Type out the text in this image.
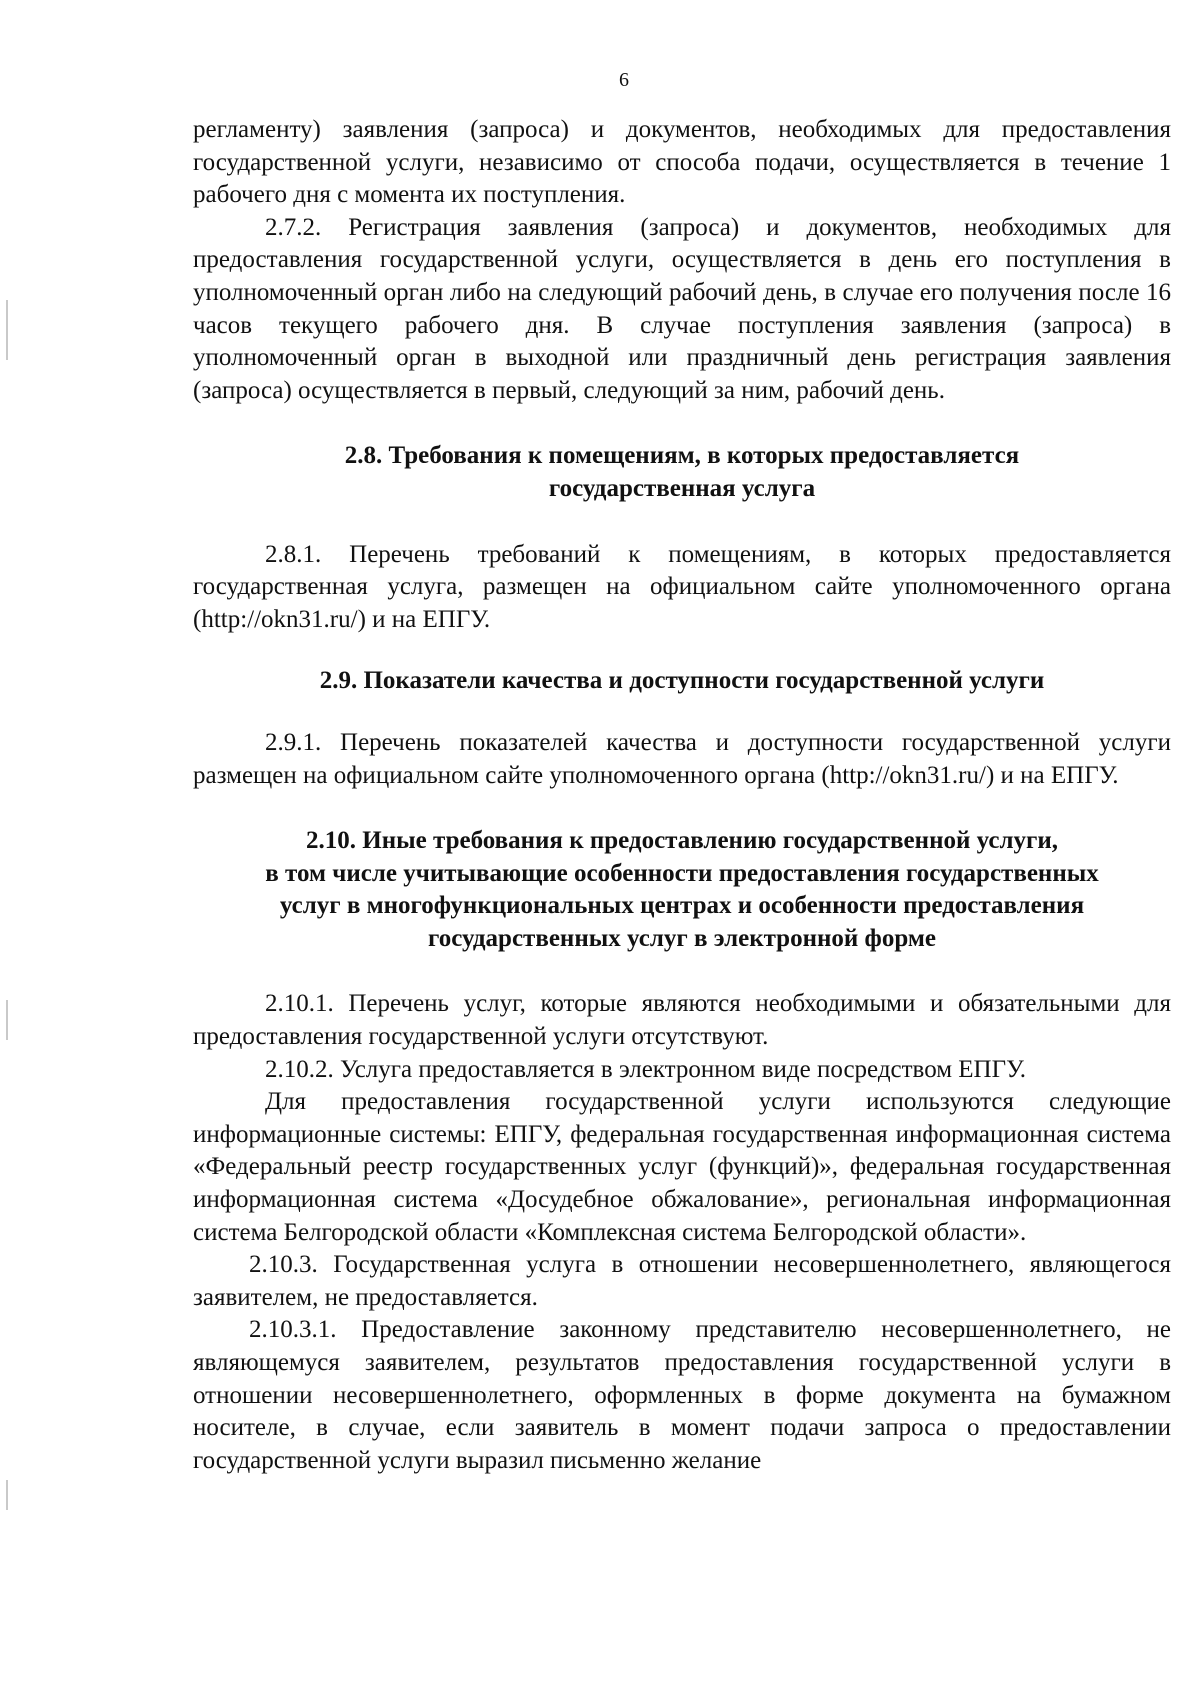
6

регламенту) заявления (запроса) и документов, необходимых для предоставления государственной услуги, независимо от способа подачи, осуществляется в течение 1 рабочего дня с момента их поступления.

2.7.2. Регистрация заявления (запроса) и документов, необходимых для предоставления государственной услуги, осуществляется в день его поступления в уполномоченный орган либо на следующий рабочий день, в случае его получения после 16 часов текущего рабочего дня. В случае поступления заявления (запроса) в уполномоченный орган в выходной или праздничный день регистрация заявления (запроса) осуществляется в первый, следующий за ним, рабочий день.

2.8. Требования к помещениям, в которых предоставляется
государственная услуга

2.8.1. Перечень требований к помещениям, в которых предоставляется государственная услуга, размещен на официальном сайте уполномоченного органа (http://okn31.ru/) и на ЕПГУ.

2.9. Показатели качества и доступности государственной услуги

2.9.1. Перечень показателей качества и доступности государственной услуги размещен на официальном сайте уполномоченного органа (http://okn31.ru/) и на ЕПГУ.

2.10. Иные требования к предоставлению государственной услуги,
в том числе учитывающие особенности предоставления государственных
услуг в многофункциональных центрах и особенности предоставления
государственных услуг в электронной форме

2.10.1. Перечень услуг, которые являются необходимыми и обязательными для предоставления государственной услуги отсутствуют.

2.10.2. Услуга предоставляется в электронном виде посредством ЕПГУ.

Для предоставления государственной услуги используются следующие информационные системы: ЕПГУ, федеральная государственная информационная система «Федеральный реестр государственных услуг (функций)», федеральная государственная информационная система «Досудебное обжалование», региональная информационная система Белгородской области «Комплексная система Белгородской области».

2.10.3. Государственная услуга в отношении несовершеннолетнего, являющегося заявителем, не предоставляется.

2.10.3.1. Предоставление законному представителю несовершеннолетнего, не являющемуся заявителем, результатов предоставления государственной услуги в отношении несовершеннолетнего, оформленных в форме документа на бумажном носителе, в случае, если заявитель в момент подачи запроса о предоставлении государственной услуги выразил письменно желание
